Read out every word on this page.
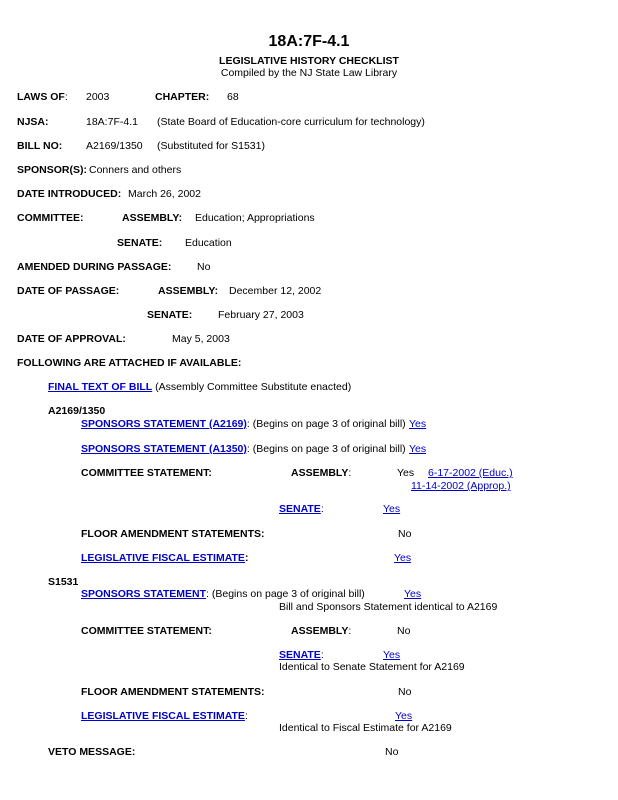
18A:7F-4.1
LEGISLATIVE HISTORY CHECKLIST
Compiled by the NJ State Law Library
LAWS OF: 2003	CHAPTER: 68
NJSA:	18A:7F-4.1 (State Board of Education-core curriculum for technology)
BILL NO: A2169/1350 (Substituted for S1531)
SPONSOR(S): Conners and others
DATE INTRODUCED: March 26, 2002
COMMITTEE:	ASSEMBLY: Education; Appropriations
SENATE: Education
AMENDED DURING PASSAGE: No
DATE OF PASSAGE:	ASSEMBLY: December 12, 2002
SENATE: February 27, 2003
DATE OF APPROVAL:	May 5, 2003
FOLLOWING ARE ATTACHED IF AVAILABLE:
FINAL TEXT OF BILL (Assembly Committee Substitute enacted)
A2169/1350
SPONSORS STATEMENT (A2169): (Begins on page 3 of original bill) Yes
SPONSORS STATEMENT (A1350): (Begins on page 3 of original bill) Yes
COMMITTEE STATEMENT:	ASSEMBLY:	Yes 6-17-2002 (Educ.)
11-14-2002 (Approp.)
SENATE:	Yes
FLOOR AMENDMENT STATEMENTS:	No
LEGISLATIVE FISCAL ESTIMATE:	Yes
S1531
SPONSORS STATEMENT: (Begins on page 3 of original bill)	Yes
Bill and Sponsors Statement identical to A2169
COMMITTEE STATEMENT:	ASSEMBLY:	No
SENATE:	Yes
Identical to Senate Statement for A2169
FLOOR AMENDMENT STATEMENTS:	No
LEGISLATIVE FISCAL ESTIMATE:	Yes
Identical to Fiscal Estimate for A2169
VETO MESSAGE:	No
